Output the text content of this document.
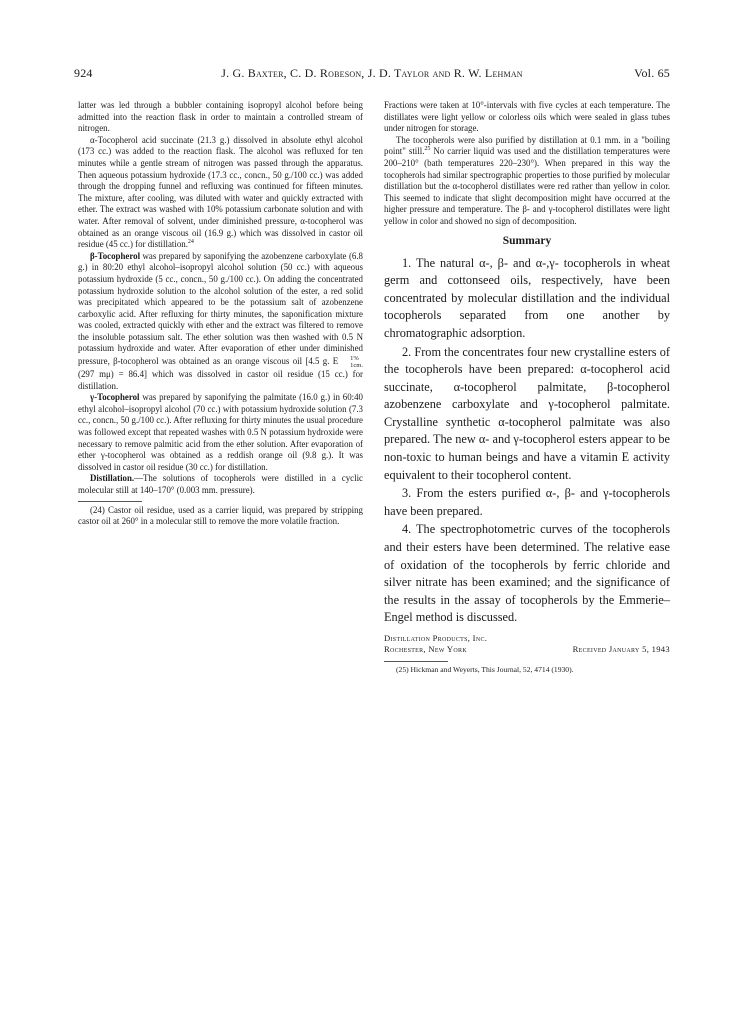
924	J. G. Baxter, C. D. Robeson, J. D. Taylor and R. W. Lehman	Vol. 65

latter was led through a bubbler containing isopropyl alcohol before being admitted into the reaction flask in order to maintain a controlled stream of nitrogen.

α-Tocopherol acid succinate (21.3 g.) dissolved in absolute ethyl alcohol (173 cc.) was added to the reaction flask. The alcohol was refluxed for ten minutes while a gentle stream of nitrogen was passed through the apparatus. Then aqueous potassium hydroxide (17.3 cc., concn., 50 g./100 cc.) was added through the dropping funnel and refluxing was continued for fifteen minutes. The mixture, after cooling, was diluted with water and quickly extracted with ether. The extract was washed with 10% potassium carbonate solution and with water. After removal of solvent, under diminished pressure, α-tocopherol was obtained as an orange viscous oil (16.9 g.) which was dissolved in castor oil residue (45 cc.) for distillation.$^{24}$

β-Tocopherol was prepared by saponifying the azobenzene carboxylate (6.8 g.) in 80:20 ethyl alcohol–isopropyl alcohol solution (50 cc.) with aqueous potassium hydroxide (5 cc., concn., 50 g./100 cc.). On adding the concentrated potassium hydroxide solution to the alcohol solution of the ester, a red solid was precipitated which appeared to be the potassium salt of azobenzene carboxylic acid. After refluxing for thirty minutes, the saponification mixture was cooled, extracted quickly with ether and the extract was filtered to remove the insoluble potassium salt. The ether solution was then washed with 0.5 N potassium hydroxide and water. After evaporation of ether under diminished pressure, β-tocopherol was obtained as an orange viscous oil [4.5 g. E	1%
1cm.
(297 mμ) = 86.4] which was dissolved in castor oil residue (15 cc.) for distillation.

γ-Tocopherol was prepared by saponifying the palmitate (16.0 g.) in 60:40 ethyl alcohol–isopropyl alcohol (70 cc.) with potassium hydroxide solution (7.3 cc., concn., 50 g./100 cc.). After refluxing for thirty minutes the usual procedure was followed except that repeated washes with 0.5 N potassium hydroxide were necessary to remove palmitic acid from the ether solution. After evaporation of ether γ-tocopherol was obtained as a reddish orange oil (9.8 g.). It was dissolved in castor oil residue (30 cc.) for distillation.

Distillation.—The solutions of tocopherols were distilled in a cyclic molecular still at 140–170° (0.003 mm. pressure).

(24) Castor oil residue, used as a carrier liquid, was prepared by stripping castor oil at 260° in a molecular still to remove the more volatile fraction.

Fractions were taken at 10°-intervals with five cycles at each temperature. The distillates were light yellow or colorless oils which were sealed in glass tubes under nitrogen for storage.

The tocopherols were also purified by distillation at 0.1 mm. in a "boiling point" still.$^{25}$ No carrier liquid was used and the distillation temperatures were 200–210° (bath temperatures 220–230°). When prepared in this way the tocopherols had similar spectrographic properties to those purified by molecular distillation but the α-tocopherol distillates were red rather than yellow in color. This seemed to indicate that slight decomposition might have occurred at the higher pressure and temperature. The β- and γ-tocopherol distillates were light yellow in color and showed no sign of decomposition.

Summary

1. The natural α-, β- and α-,γ- tocopherols in wheat germ and cottonseed oils, respectively, have been concentrated by molecular distillation and the individual tocopherols separated from one another by chromatographic adsorption.

2. From the concentrates four new crystalline esters of the tocopherols have been prepared: α-tocopherol acid succinate, α-tocopherol palmitate, β-tocopherol azobenzene carboxylate and γ-tocopherol palmitate. Crystalline synthetic α-tocopherol palmitate was also prepared. The new α- and γ-tocopherol esters appear to be non-toxic to human beings and have a vitamin E activity equivalent to their tocopherol content.

3. From the esters purified α-, β- and γ-tocopherols have been prepared.

4. The spectrophotometric curves of the tocopherols and their esters have been determined. The relative ease of oxidation of the tocopherols by ferric chloride and silver nitrate has been examined; and the significance of the results in the assay of tocopherols by the Emmerie–Engel method is discussed.

Distillation Products, Inc.
Rochester, New York	Received January 5, 1943

(25) Hickman and Weyerts, This Journal, 52, 4714 (1930).
